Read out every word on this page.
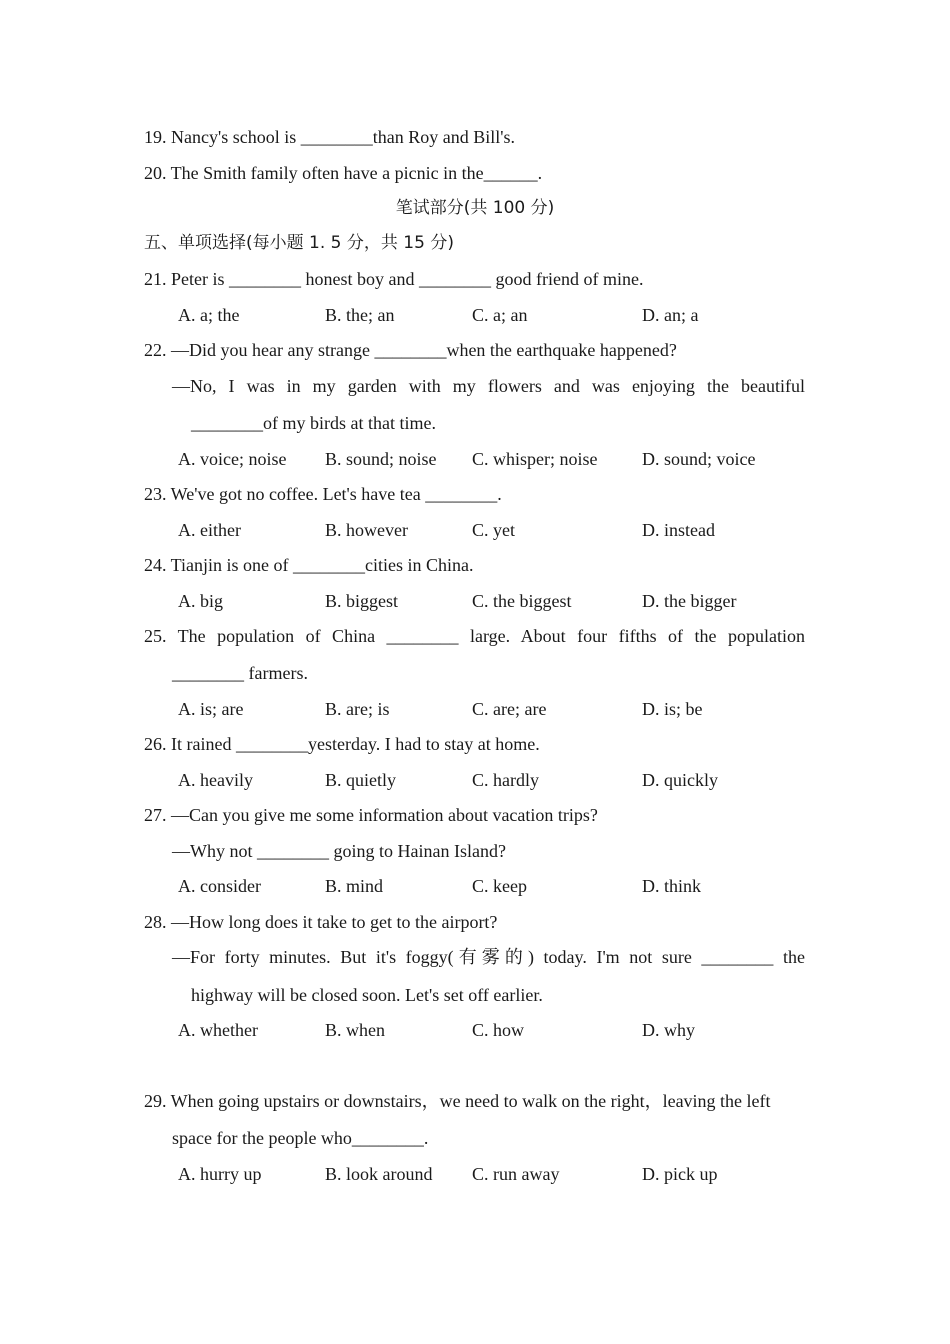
19. Nancy's school is ________than Roy and Bill's.
20. The Smith family often have a picnic in the______.
笔试部分(共 100 分)
五、单项选择(每小题 1. 5 分，共 15 分)
21. Peter is ________ honest boy and ________ good friend of mine.
A. a; the	B. the; an	C. a; an	D. an; a
22. —Did you hear any strange ________when the earthquake happened?
—No, I was in my garden with my flowers and was enjoying the beautiful
________of my birds at that time.
A. voice; noise B. sound; noise C. whisper; noise D. sound; voice
23. We've got no coffee. Let's have tea ________.
A. either	B. however	C. yet	D. instead
24. Tianjin is one of ________cities in China.
A. big	B. biggest	C. the biggest	D. the bigger
25. The population of China ________ large. About four fifths of the population
________ farmers.
A. is; are	B. are; is	C. are; are	D. is; be
26. It rained ________yesterday. I had to stay at home.
A. heavily	B. quietly	C. hardly	D. quickly
27. —Can you give me some information about vacation trips?
—Why not ________ going to Hainan Island?
A. consider	B. mind	C. keep	D. think
28. —How long does it take to get to the airport?
—For forty minutes. But it's foggy(有雾的) today. I'm not sure ________ the
highway will be closed soon. Let's set off earlier.
A. whether	B. when	C. how	D. why
29. When going upstairs or downstairs，we need to walk on the right，leaving the left
space for the people who________.
A. hurry up	B. look around C. run away	D. pick up
